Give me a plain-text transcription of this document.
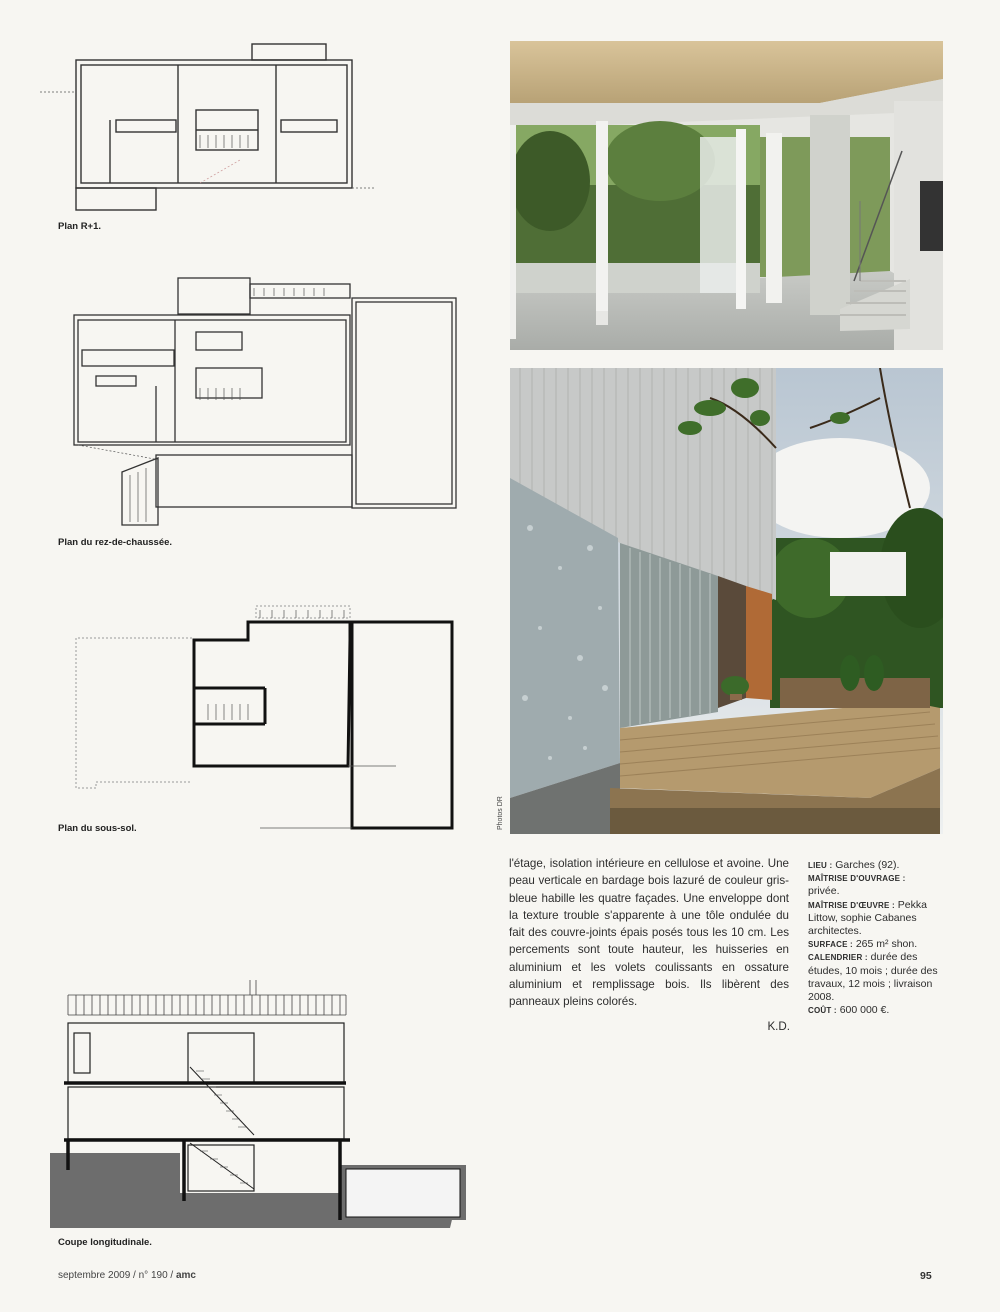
Plan R+1.
Plan du rez-de-chaussée.
Plan du sous-sol.
Coupe longitudinale.
Photos DR

l'étage, isolation intérieure en cellulose et avoine. Une peau verticale en bardage bois lazuré de couleur gris-bleue habille les quatre façades. Une enveloppe dont la texture trouble s'apparente à une tôle ondulée du fait des couvre-joints épais posés tous les 10 cm. Les percements sont toute hauteur, les huisseries en aluminium et les volets coulissants en ossature aluminium et remplissage bois. Ils libèrent des panneaux pleins colorés.

K.D.
LIEU : Garches (92).
MAÎTRISE D'OUVRAGE : privée.
MAÎTRISE D'ŒUVRE : Pekka Littow, sophie Cabanes architectes.
SURFACE : 265 m² shon.
CALENDRIER : durée des études, 10 mois ; durée des travaux, 12 mois ; livraison 2008.
COÛT : 600 000 €.
septembre 2009 / n° 190 / amc	95
